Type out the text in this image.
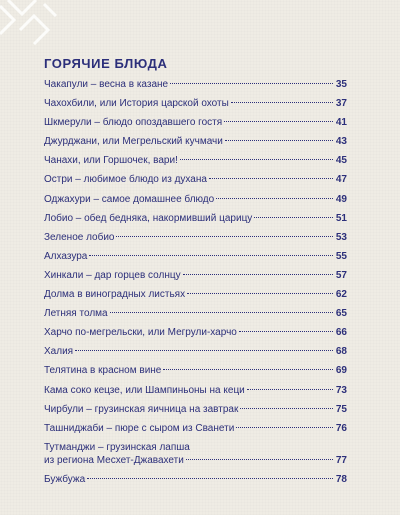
ГОРЯЧИЕ БЛЮДА
Чакапули – весна в казане	35
Чахохбили, или История царской охоты	37
Шкмерули – блюдо опоздавшего гостя	41
Джурджани, или Мегрельский кучмачи	43
Чанахи, или Горшочек, вари!	45
Остри – любимое блюдо из духана	47
Оджахури – самое домашнее блюдо	49
Лобио – обед бедняка, накормивший царицу	51
Зеленое лобио	53
Алхазура	55
Хинкали – дар горцев солнцу	57
Долма в виноградных листьях	62
Летняя толма	65
Харчо по-мегрельски, или Мегрули-харчо	66
Халия	68
Телятина в красном вине	69
Кама соко кецзе, или Шампиньоны на кеци	73
Чирбули – грузинская яичница на завтрак	75
Ташниджаби – пюре с сыром из Сванети	76
Тутманджи – грузинская лапша
из региона Месхет-Джавахети	77
Бужбужа	78
